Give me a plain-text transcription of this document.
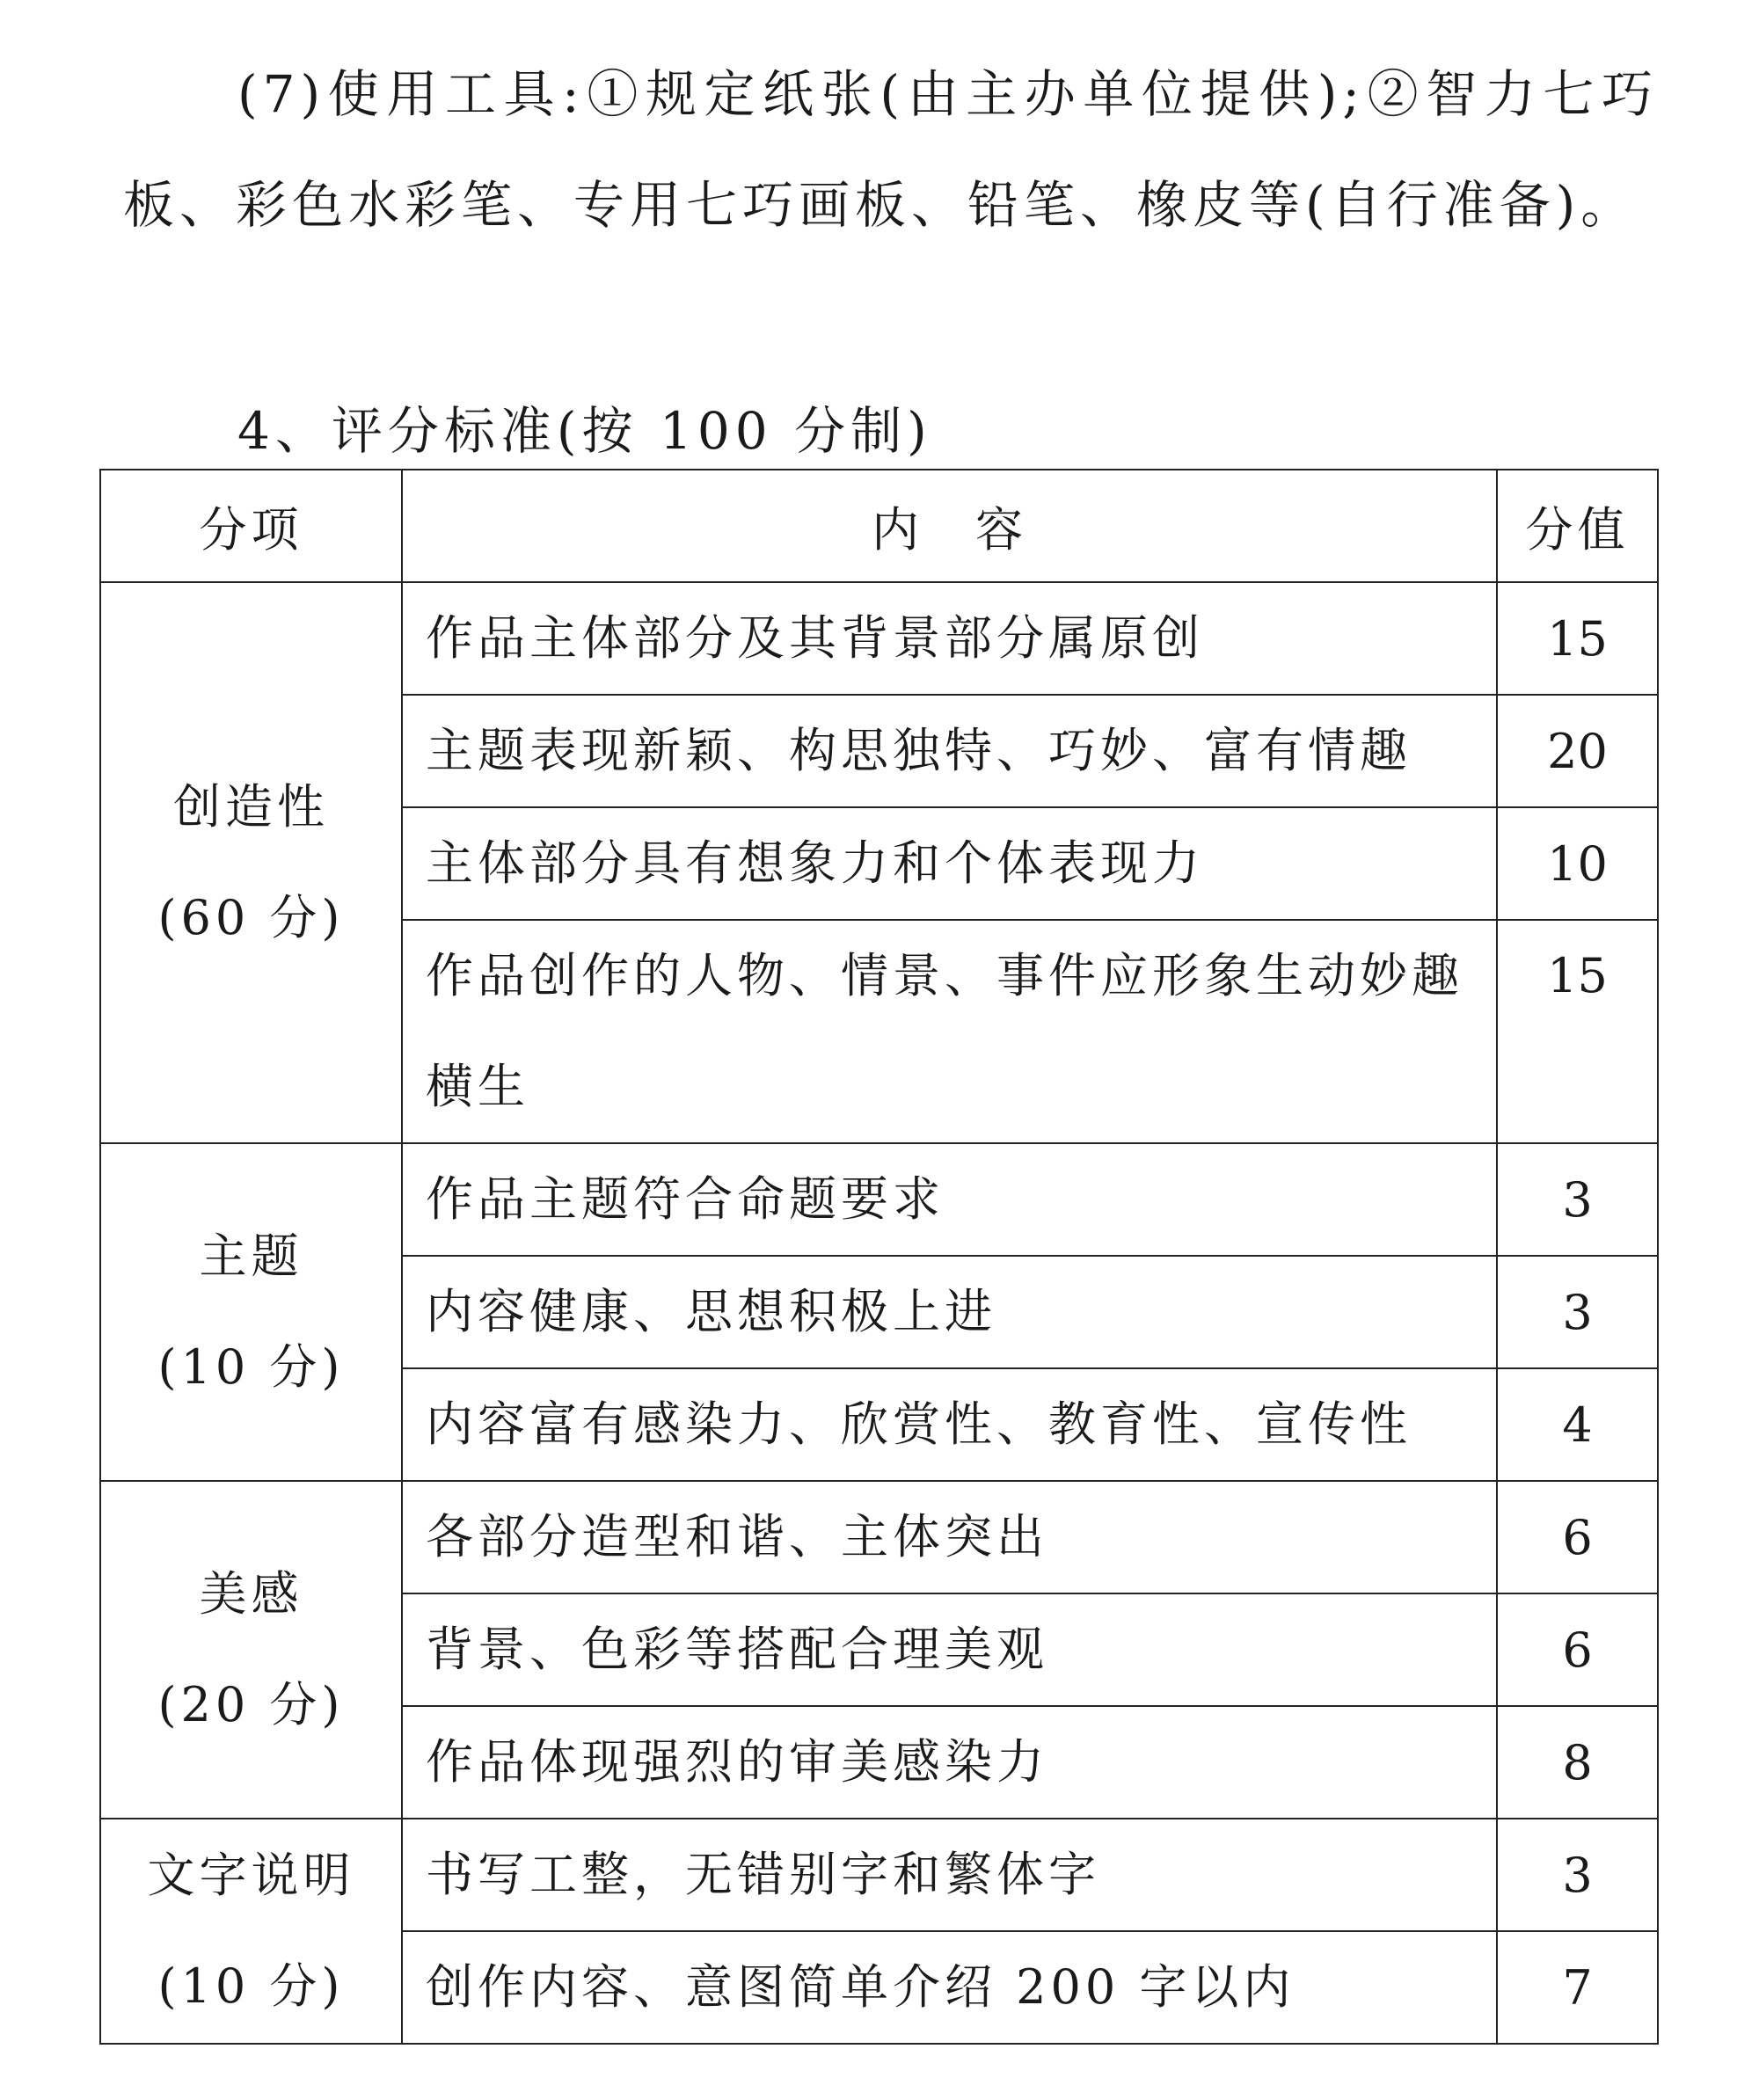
(7)使用工具:①规定纸张(由主办单位提供);②智力七巧板、彩色水彩笔、专用七巧画板、铅笔、橡皮等(自行准备)。

4、评分标准(按 100 分制)

分项	内　容	分值

创造性
(60 分)	作品主体部分及其背景部分属原创	15
	主题表现新颖、构思独特、巧妙、富有情趣	20
	主体部分具有想象力和个体表现力	10
	作品创作的人物、情景、事件应形象生动妙趣横生	15

主题
(10 分)	作品主题符合命题要求	3
	内容健康、思想积极上进	3
	内容富有感染力、欣赏性、教育性、宣传性	4

美感
(20 分)	各部分造型和谐、主体突出	6
	背景、色彩等搭配合理美观	6
	作品体现强烈的审美感染力	8

文字说明
(10 分)	书写工整，无错别字和繁体字	3
	创作内容、意图简单介绍 200 字以内	7
